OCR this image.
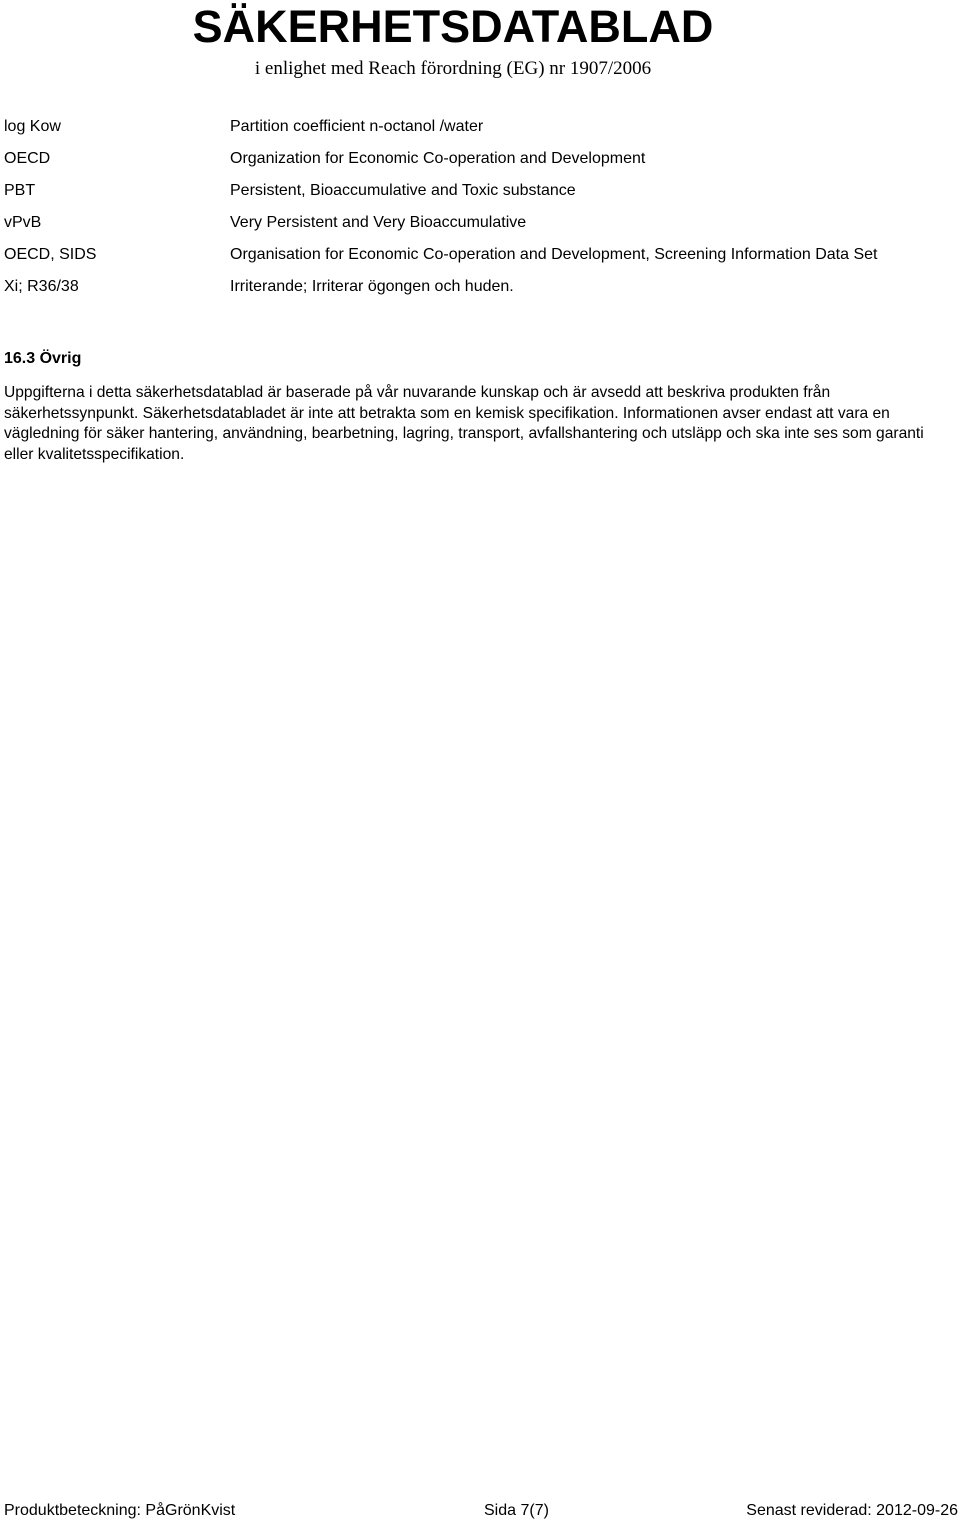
SÄKERHETSDATABLAD
i enlighet med Reach förordning (EG) nr 1907/2006
log Kow	Partition coefficient n-octanol /water
OECD	Organization for Economic Co-operation and Development
PBT	Persistent, Bioaccumulative and Toxic substance
vPvB	Very Persistent and Very Bioaccumulative
OECD, SIDS	Organisation for Economic Co-operation and Development, Screening Information Data Set
Xi; R36/38	Irriterande; Irriterar ögongen och huden.
16.3 Övrig

Uppgifterna i detta säkerhetsdatablad är baserade på vår nuvarande kunskap och är avsedd att beskriva produkten från säkerhetssynpunkt. Säkerhetsdatabladet är inte att betrakta som en kemisk specifikation. Informationen avser endast att vara en vägledning för säker hantering, användning, bearbetning, lagring, transport, avfallshantering och utsläpp och ska inte ses som garanti eller kvalitetsspecifikation.

Produktbeteckning: PåGrönKvist	Sida 7(7)	Senast reviderad: 2012-09-26
